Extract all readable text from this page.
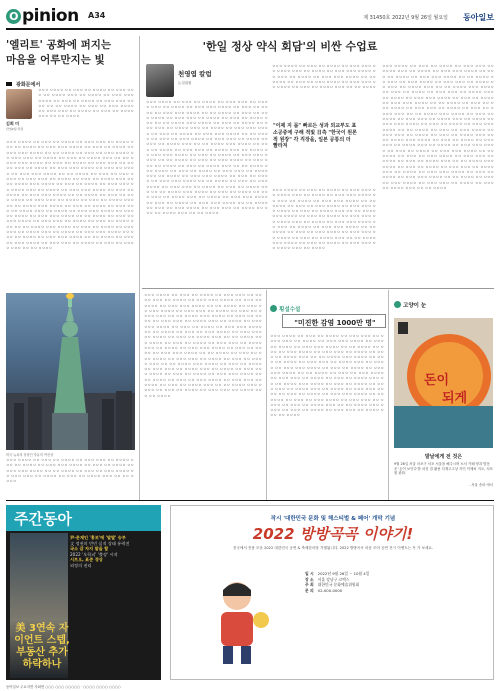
O pinion A34	제 31450호 2022년 9월 26일 월요일 동아일보
'엘리트' 공화에 퍼지는 마음을 어루만지는 빛
광화문에서
김희 미
산업2팀 차장
ㅇㅇㅇ ㅇㅇㅇㅇ ㅇㅇ ㅇㅇㅇ ㅇㅇ ㅇㅇㅇㅇ ㅇㅇ ㅇㅇㅇ ㅇㅇㅇ ㅇㅇ ㅇㅇㅇㅇ ㅇㅇㅇ ㅇㅇ ㅇㅇㅇㅇ ㅇㅇ ㅇㅇㅇ ㅇㅇㅇ ㅇㅇㅇㅇ ㅇㅇ ㅇㅇㅇ ㅇㅇ ㅇㅇㅇㅇ ㅇㅇ ㅇㅇㅇ ㅇㅇㅇ ㅇㅇㅇㅇ ㅇㅇ ㅇㅇ ㅇㅇㅇㅇ ㅇㅇ ㅇㅇㅇ ㅇㅇ ㅇㅇㅇ ㅇㅇㅇㅇ ㅇㅇ ㅇㅇㅇ ㅇㅇㅇ ㅇㅇ ㅇㅇㅇㅇ ㅇㅇ ㅇㅇㅇ ㅇㅇ ㅇㅇㅇㅇ ㅇㅇㅇ ㅇㅇ ㅇㅇ ㅇㅇㅇㅇ
ㅇㅇㅇ ㅇㅇㅇㅇ ㅇㅇ ㅇㅇㅇ ㅇㅇ ㅇㅇㅇㅇ ㅇㅇ ㅇㅇㅇ ㅇㅇㅇ ㅇㅇ ㅇㅇㅇㅇ ㅇㅇㅇ ㅇㅇ ㅇㅇㅇㅇ ㅇㅇ ㅇㅇㅇ ㅇㅇㅇ ㅇㅇㅇㅇ ㅇㅇ ㅇㅇㅇ ㅇㅇ ㅇㅇㅇㅇ ㅇㅇ ㅇㅇㅇ ㅇㅇㅇ ㅇㅇㅇㅇ ㅇㅇ ㅇㅇ ㅇㅇㅇㅇ ㅇㅇ ㅇㅇㅇ ㅇㅇ ㅇㅇㅇ ㅇㅇㅇㅇ ㅇㅇ ㅇㅇㅇ ㅇㅇㅇ ㅇㅇ ㅇㅇㅇㅇ ㅇㅇ ㅇㅇㅇ ㅇㅇ ㅇㅇㅇㅇ ㅇㅇㅇ ㅇㅇ ㅇㅇ ㅇㅇㅇㅇ ㅇㅇㅇ ㅇㅇㅇㅇ ㅇㅇ ㅇㅇㅇ ㅇㅇ ㅇㅇㅇㅇ ㅇㅇ ㅇㅇㅇ ㅇㅇㅇ ㅇㅇ ㅇㅇㅇㅇ ㅇㅇㅇ ㅇㅇ ㅇㅇㅇㅇ ㅇㅇ ㅇㅇㅇ ㅇㅇㅇ ㅇㅇㅇㅇ ㅇㅇ ㅇㅇㅇ ㅇㅇ ㅇㅇㅇㅇ ㅇㅇ ㅇㅇㅇ ㅇㅇㅇ ㅇㅇㅇㅇ ㅇㅇ ㅇㅇ ㅇㅇㅇㅇ ㅇㅇ ㅇㅇㅇ ㅇㅇ ㅇㅇㅇ ㅇㅇㅇㅇ ㅇㅇ ㅇㅇㅇ ㅇㅇㅇ ㅇㅇ ㅇㅇㅇㅇ ㅇㅇ ㅇㅇㅇ ㅇㅇ ㅇㅇㅇㅇ ㅇㅇㅇ ㅇㅇ ㅇㅇ ㅇㅇㅇㅇ ㅇㅇㅇ ㅇㅇㅇㅇ ㅇㅇ ㅇㅇㅇ ㅇㅇ ㅇㅇㅇㅇ ㅇㅇ ㅇㅇㅇ ㅇㅇㅇ ㅇㅇ ㅇㅇㅇㅇ ㅇㅇㅇ ㅇㅇ ㅇㅇㅇㅇ ㅇㅇ ㅇㅇㅇ ㅇㅇㅇ ㅇㅇㅇㅇ ㅇㅇ ㅇㅇㅇ ㅇㅇ ㅇㅇㅇㅇ ㅇㅇ ㅇㅇㅇ ㅇㅇㅇ ㅇㅇㅇㅇ ㅇㅇ ㅇㅇ ㅇㅇㅇㅇ ㅇㅇ ㅇㅇㅇ ㅇㅇ ㅇㅇㅇ ㅇㅇㅇㅇ ㅇㅇ ㅇㅇㅇ ㅇㅇㅇ ㅇㅇ ㅇㅇㅇㅇ ㅇㅇ ㅇㅇㅇ ㅇㅇ ㅇㅇㅇㅇ ㅇㅇㅇ ㅇㅇ ㅇㅇ ㅇㅇㅇㅇ ㅇㅇㅇ ㅇㅇㅇㅇ ㅇㅇ ㅇㅇㅇ ㅇㅇ ㅇㅇㅇㅇ ㅇㅇ ㅇㅇㅇ ㅇㅇㅇ ㅇㅇ ㅇㅇㅇㅇ ㅇㅇㅇ ㅇㅇ ㅇㅇㅇㅇ ㅇㅇ ㅇㅇㅇ ㅇㅇㅇ ㅇㅇㅇㅇ ㅇㅇ ㅇㅇㅇ ㅇㅇ ㅇㅇㅇㅇ ㅇㅇ ㅇㅇㅇ ㅇㅇㅇ ㅇㅇㅇㅇ ㅇㅇ ㅇㅇ ㅇㅇㅇㅇ ㅇㅇ ㅇㅇㅇ ㅇㅇ ㅇㅇㅇ ㅇㅇㅇㅇ ㅇㅇ ㅇㅇㅇ ㅇㅇㅇ ㅇㅇ ㅇㅇㅇㅇ ㅇㅇ ㅇㅇㅇ ㅇㅇ ㅇㅇㅇㅇ ㅇㅇㅇ ㅇㅇ ㅇㅇ ㅇㅇㅇㅇ ㅇㅇㅇ ㅇㅇㅇㅇ ㅇㅇ ㅇㅇㅇ ㅇㅇ ㅇㅇㅇㅇ ㅇㅇ ㅇㅇㅇ ㅇㅇㅇ ㅇㅇ ㅇㅇㅇㅇ ㅇㅇㅇ ㅇㅇ ㅇㅇㅇㅇ ㅇㅇ ㅇㅇㅇ ㅇㅇㅇ ㅇㅇㅇㅇ ㅇㅇ ㅇㅇㅇ ㅇㅇ ㅇㅇㅇㅇ ㅇㅇ ㅇㅇㅇ ㅇㅇㅇ ㅇㅇㅇㅇ ㅇㅇ ㅇㅇ ㅇㅇㅇㅇ ㅇㅇ ㅇㅇㅇ ㅇㅇ ㅇㅇㅇ ㅇㅇㅇㅇ ㅇㅇ ㅇㅇㅇ ㅇㅇㅇ ㅇㅇ ㅇㅇㅇㅇ ㅇㅇ ㅇㅇㅇ ㅇㅇ ㅇㅇㅇㅇ ㅇㅇㅇ ㅇㅇ ㅇㅇ ㅇㅇㅇㅇ
미국 뉴욕의 상징인 자유의 여신상
ㅇㅇㅇ ㅇㅇㅇㅇ ㅇㅇ ㅇㅇㅇ ㅇㅇ ㅇㅇㅇㅇ ㅇㅇ ㅇㅇㅇ ㅇㅇㅇ ㅇㅇ ㅇㅇㅇㅇ ㅇㅇㅇ ㅇㅇ ㅇㅇㅇㅇ ㅇㅇ ㅇㅇㅇ ㅇㅇㅇ ㅇㅇㅇㅇ ㅇㅇ ㅇㅇㅇ ㅇㅇ ㅇㅇㅇㅇ ㅇㅇ ㅇㅇㅇ ㅇㅇㅇ ㅇㅇㅇㅇ ㅇㅇ ㅇㅇ ㅇㅇㅇㅇ ㅇㅇ ㅇㅇㅇ ㅇㅇ ㅇㅇㅇ ㅇㅇㅇㅇ ㅇㅇ ㅇㅇㅇ ㅇㅇㅇ ㅇㅇ ㅇㅇㅇㅇ ㅇㅇ ㅇㅇㅇ ㅇㅇ ㅇㅇㅇㅇ ㅇㅇㅇ ㅇㅇ ㅇㅇ ㅇㅇㅇㅇ
'한일 정상 약식 회담'의 비싼 수업료
천영엽 칼럼
논설위원
ㅇㅇㅇ ㅇㅇㅇㅇ ㅇㅇ ㅇㅇㅇ ㅇㅇ ㅇㅇㅇㅇ ㅇㅇ ㅇㅇㅇ ㅇㅇㅇ ㅇㅇ ㅇㅇㅇㅇ ㅇㅇㅇ ㅇㅇ ㅇㅇㅇㅇ ㅇㅇ ㅇㅇㅇ ㅇㅇㅇ ㅇㅇㅇㅇ ㅇㅇ ㅇㅇㅇ ㅇㅇ ㅇㅇㅇㅇ ㅇㅇ ㅇㅇㅇ ㅇㅇㅇ ㅇㅇㅇㅇ ㅇㅇ ㅇㅇ ㅇㅇㅇㅇ ㅇㅇ ㅇㅇㅇ ㅇㅇ ㅇㅇㅇ ㅇㅇㅇㅇ ㅇㅇ ㅇㅇㅇ ㅇㅇㅇ ㅇㅇ ㅇㅇㅇㅇ ㅇㅇ ㅇㅇㅇ ㅇㅇ ㅇㅇㅇㅇ ㅇㅇㅇ ㅇㅇ ㅇㅇ ㅇㅇㅇㅇ ㅇㅇㅇ ㅇㅇㅇㅇ ㅇㅇ ㅇㅇㅇ ㅇㅇ ㅇㅇㅇㅇ ㅇㅇ ㅇㅇㅇ ㅇㅇㅇ ㅇㅇ ㅇㅇㅇㅇ ㅇㅇㅇ ㅇㅇ ㅇㅇㅇㅇ ㅇㅇ ㅇㅇㅇ ㅇㅇㅇ ㅇㅇㅇㅇ ㅇㅇ ㅇㅇㅇ ㅇㅇ ㅇㅇㅇㅇ ㅇㅇ ㅇㅇㅇ ㅇㅇㅇ ㅇㅇㅇㅇ ㅇㅇ ㅇㅇ ㅇㅇㅇㅇ ㅇㅇ ㅇㅇㅇ ㅇㅇ ㅇㅇㅇ ㅇㅇㅇㅇ ㅇㅇ ㅇㅇㅇ ㅇㅇㅇ ㅇㅇ ㅇㅇㅇㅇ ㅇㅇ ㅇㅇㅇ ㅇㅇ ㅇㅇㅇㅇ ㅇㅇㅇ ㅇㅇ ㅇㅇ ㅇㅇㅇㅇ ㅇㅇㅇ ㅇㅇㅇㅇ ㅇㅇ ㅇㅇㅇ ㅇㅇ ㅇㅇㅇㅇ ㅇㅇ ㅇㅇㅇ ㅇㅇㅇ ㅇㅇ ㅇㅇㅇㅇ ㅇㅇㅇ ㅇㅇ ㅇㅇㅇㅇ ㅇㅇ ㅇㅇㅇ ㅇㅇㅇ ㅇㅇㅇㅇ ㅇㅇ ㅇㅇㅇ ㅇㅇ ㅇㅇㅇㅇ ㅇㅇ ㅇㅇㅇ ㅇㅇㅇ ㅇㅇㅇㅇ ㅇㅇ ㅇㅇ ㅇㅇㅇㅇ ㅇㅇ ㅇㅇㅇ ㅇㅇ ㅇㅇㅇ ㅇㅇㅇㅇ ㅇㅇ ㅇㅇㅇ ㅇㅇㅇ ㅇㅇ ㅇㅇㅇㅇ ㅇㅇ ㅇㅇㅇ ㅇㅇ ㅇㅇㅇㅇ ㅇㅇㅇ ㅇㅇ ㅇㅇ ㅇㅇㅇㅇ ㅇㅇㅇ ㅇㅇㅇㅇ ㅇㅇ ㅇㅇㅇ ㅇㅇ ㅇㅇㅇㅇ ㅇㅇ ㅇㅇㅇ ㅇㅇㅇ ㅇㅇ ㅇㅇㅇㅇ ㅇㅇㅇ ㅇㅇ ㅇㅇㅇㅇ ㅇㅇ ㅇㅇㅇ ㅇㅇㅇ ㅇㅇㅇㅇ ㅇㅇ ㅇㅇㅇ ㅇㅇ ㅇㅇㅇㅇ ㅇㅇ ㅇㅇㅇ ㅇㅇㅇ ㅇㅇㅇㅇ ㅇㅇ ㅇㅇ ㅇㅇㅇㅇ ㅇㅇ ㅇㅇㅇ ㅇㅇ ㅇㅇㅇ ㅇㅇㅇㅇ ㅇㅇ ㅇㅇㅇ ㅇㅇㅇ ㅇㅇ ㅇㅇㅇㅇ ㅇㅇ ㅇㅇㅇ ㅇㅇ ㅇㅇㅇㅇ ㅇㅇㅇ ㅇㅇ ㅇㅇ ㅇㅇㅇㅇ ㅇㅇㅇ ㅇㅇㅇㅇ ㅇㅇ ㅇㅇㅇ ㅇㅇ ㅇㅇㅇㅇ ㅇㅇ ㅇㅇㅇ ㅇㅇㅇ ㅇㅇ ㅇㅇㅇㅇ ㅇㅇㅇ ㅇㅇ ㅇㅇㅇㅇ ㅇㅇ ㅇㅇㅇ ㅇㅇㅇ ㅇㅇㅇㅇ ㅇㅇ ㅇㅇㅇ ㅇㅇ ㅇㅇㅇㅇ ㅇㅇ ㅇㅇㅇ ㅇㅇㅇ ㅇㅇㅇㅇ ㅇㅇ ㅇㅇ ㅇㅇㅇㅇ ㅇㅇ ㅇㅇㅇ ㅇㅇ ㅇㅇㅇ ㅇㅇㅇㅇ ㅇㅇ ㅇㅇㅇ ㅇㅇㅇ ㅇㅇ ㅇㅇㅇㅇ ㅇㅇ ㅇㅇㅇ ㅇㅇ ㅇㅇㅇㅇ ㅇㅇㅇ ㅇㅇ ㅇㅇ ㅇㅇㅇㅇ
ㅇㅇㅇ ㅇㅇㅇㅇ ㅇㅇ ㅇㅇㅇ ㅇㅇ ㅇㅇㅇㅇ ㅇㅇ ㅇㅇㅇ ㅇㅇㅇ ㅇㅇ ㅇㅇㅇㅇ ㅇㅇㅇ ㅇㅇ ㅇㅇㅇㅇ ㅇㅇ ㅇㅇㅇ ㅇㅇㅇ ㅇㅇㅇㅇ ㅇㅇ ㅇㅇㅇ ㅇㅇ ㅇㅇㅇㅇ ㅇㅇ ㅇㅇㅇ ㅇㅇㅇ ㅇㅇㅇㅇ ㅇㅇ ㅇㅇ ㅇㅇㅇㅇ ㅇㅇ ㅇㅇㅇ ㅇㅇ ㅇㅇㅇ ㅇㅇㅇㅇ ㅇㅇ ㅇㅇㅇ ㅇㅇㅇ ㅇㅇ ㅇㅇㅇㅇ ㅇㅇ ㅇㅇㅇ ㅇㅇ ㅇㅇㅇㅇ ㅇㅇㅇ ㅇㅇ ㅇㅇ ㅇㅇㅇㅇ
"이제 지 몸" 빠르든 성과 외교부도 표 소공중에 구해 적빛 日측 "한국이 원론적 원장" 각 직장을, 일본 공통의 더 빨라져
ㅇㅇㅇ ㅇㅇㅇㅇ ㅇㅇ ㅇㅇㅇ ㅇㅇ ㅇㅇㅇㅇ ㅇㅇ ㅇㅇㅇ ㅇㅇㅇ ㅇㅇ ㅇㅇㅇㅇ ㅇㅇㅇ ㅇㅇ ㅇㅇㅇㅇ ㅇㅇ ㅇㅇㅇ ㅇㅇㅇ ㅇㅇㅇㅇ ㅇㅇ ㅇㅇㅇ ㅇㅇ ㅇㅇㅇㅇ ㅇㅇ ㅇㅇㅇ ㅇㅇㅇ ㅇㅇㅇㅇ ㅇㅇ ㅇㅇ ㅇㅇㅇㅇ ㅇㅇ ㅇㅇㅇ ㅇㅇ ㅇㅇㅇ ㅇㅇㅇㅇ ㅇㅇ ㅇㅇㅇ ㅇㅇㅇ ㅇㅇ ㅇㅇㅇㅇ ㅇㅇ ㅇㅇㅇ ㅇㅇ ㅇㅇㅇㅇ ㅇㅇㅇ ㅇㅇ ㅇㅇ ㅇㅇㅇㅇ ㅇㅇㅇ ㅇㅇㅇㅇ ㅇㅇ ㅇㅇㅇ ㅇㅇ ㅇㅇㅇㅇ ㅇㅇ ㅇㅇㅇ ㅇㅇㅇ ㅇㅇ ㅇㅇㅇㅇ ㅇㅇㅇ ㅇㅇ ㅇㅇㅇㅇ ㅇㅇ ㅇㅇㅇ ㅇㅇㅇ ㅇㅇㅇㅇ ㅇㅇ ㅇㅇㅇ ㅇㅇ ㅇㅇㅇㅇ ㅇㅇ ㅇㅇㅇ ㅇㅇㅇ ㅇㅇㅇㅇ ㅇㅇ ㅇㅇ ㅇㅇㅇㅇ ㅇㅇ ㅇㅇㅇ ㅇㅇ ㅇㅇㅇ ㅇㅇㅇㅇ ㅇㅇ ㅇㅇㅇ ㅇㅇㅇ ㅇㅇ ㅇㅇㅇㅇ ㅇㅇ ㅇㅇㅇ ㅇㅇ ㅇㅇㅇㅇ ㅇㅇㅇ ㅇㅇ ㅇㅇ ㅇㅇㅇㅇ ㅇㅇㅇ ㅇㅇㅇㅇ ㅇㅇ ㅇㅇㅇ ㅇㅇ ㅇㅇㅇㅇ ㅇㅇ ㅇㅇㅇ ㅇㅇㅇ ㅇㅇ ㅇㅇㅇㅇ ㅇㅇㅇ ㅇㅇ ㅇㅇㅇㅇ
ㅇㅇㅇ ㅇㅇㅇㅇ ㅇㅇ ㅇㅇㅇ ㅇㅇ ㅇㅇㅇㅇ ㅇㅇ ㅇㅇㅇ ㅇㅇㅇ ㅇㅇ ㅇㅇㅇㅇ ㅇㅇㅇ ㅇㅇ ㅇㅇㅇㅇ ㅇㅇ ㅇㅇㅇ ㅇㅇㅇ ㅇㅇㅇㅇ ㅇㅇ ㅇㅇㅇ ㅇㅇ ㅇㅇㅇㅇ ㅇㅇ ㅇㅇㅇ ㅇㅇㅇ ㅇㅇㅇㅇ ㅇㅇ ㅇㅇ ㅇㅇㅇㅇ ㅇㅇ ㅇㅇㅇ ㅇㅇ ㅇㅇㅇ ㅇㅇㅇㅇ ㅇㅇ ㅇㅇㅇ ㅇㅇㅇ ㅇㅇ ㅇㅇㅇㅇ ㅇㅇ ㅇㅇㅇ ㅇㅇ ㅇㅇㅇㅇ ㅇㅇㅇ ㅇㅇ ㅇㅇ ㅇㅇㅇㅇ ㅇㅇㅇ ㅇㅇㅇㅇ ㅇㅇ ㅇㅇㅇ ㅇㅇ ㅇㅇㅇㅇ ㅇㅇ ㅇㅇㅇ ㅇㅇㅇ ㅇㅇ ㅇㅇㅇㅇ ㅇㅇㅇ ㅇㅇ ㅇㅇㅇㅇ ㅇㅇ ㅇㅇㅇ ㅇㅇㅇ ㅇㅇㅇㅇ ㅇㅇ ㅇㅇㅇ ㅇㅇ ㅇㅇㅇㅇ ㅇㅇ ㅇㅇㅇ ㅇㅇㅇ ㅇㅇㅇㅇ ㅇㅇ ㅇㅇ ㅇㅇㅇㅇ ㅇㅇ ㅇㅇㅇ ㅇㅇ ㅇㅇㅇ ㅇㅇㅇㅇ ㅇㅇ ㅇㅇㅇ ㅇㅇㅇ ㅇㅇ ㅇㅇㅇㅇ ㅇㅇ ㅇㅇㅇ ㅇㅇ ㅇㅇㅇㅇ ㅇㅇㅇ ㅇㅇ ㅇㅇ ㅇㅇㅇㅇ ㅇㅇㅇ ㅇㅇㅇㅇ ㅇㅇ ㅇㅇㅇ ㅇㅇ ㅇㅇㅇㅇ ㅇㅇ ㅇㅇㅇ ㅇㅇㅇ ㅇㅇ ㅇㅇㅇㅇ ㅇㅇㅇ ㅇㅇ ㅇㅇㅇㅇ ㅇㅇ ㅇㅇㅇ ㅇㅇㅇ ㅇㅇㅇㅇ ㅇㅇ ㅇㅇㅇ ㅇㅇ ㅇㅇㅇㅇ ㅇㅇ ㅇㅇㅇ ㅇㅇㅇ ㅇㅇㅇㅇ ㅇㅇ ㅇㅇ ㅇㅇㅇㅇ ㅇㅇ ㅇㅇㅇ ㅇㅇ ㅇㅇㅇ ㅇㅇㅇㅇ ㅇㅇ ㅇㅇㅇ ㅇㅇㅇ ㅇㅇ ㅇㅇㅇㅇ ㅇㅇ ㅇㅇㅇ ㅇㅇ ㅇㅇㅇㅇ ㅇㅇㅇ ㅇㅇ ㅇㅇ ㅇㅇㅇㅇ ㅇㅇㅇ ㅇㅇㅇㅇ ㅇㅇ ㅇㅇㅇ ㅇㅇ ㅇㅇㅇㅇ ㅇㅇ ㅇㅇㅇ ㅇㅇㅇ ㅇㅇ ㅇㅇㅇㅇ ㅇㅇㅇ ㅇㅇ ㅇㅇㅇㅇ ㅇㅇ ㅇㅇㅇ ㅇㅇㅇ ㅇㅇㅇㅇ ㅇㅇ ㅇㅇㅇ ㅇㅇ ㅇㅇㅇㅇ ㅇㅇ ㅇㅇㅇ ㅇㅇㅇ ㅇㅇㅇㅇ ㅇㅇ ㅇㅇ ㅇㅇㅇㅇ ㅇㅇ ㅇㅇㅇ ㅇㅇ ㅇㅇㅇ ㅇㅇㅇㅇ ㅇㅇ ㅇㅇㅇ ㅇㅇㅇ ㅇㅇ ㅇㅇㅇㅇ ㅇㅇ ㅇㅇㅇ ㅇㅇ ㅇㅇㅇㅇ ㅇㅇㅇ ㅇㅇ ㅇㅇ ㅇㅇㅇㅇ ㅇㅇㅇ ㅇㅇㅇㅇ ㅇㅇ ㅇㅇㅇ ㅇㅇ ㅇㅇㅇㅇ ㅇㅇ ㅇㅇㅇ ㅇㅇㅇ ㅇㅇ ㅇㅇㅇㅇ ㅇㅇㅇ ㅇㅇ ㅇㅇㅇㅇ ㅇㅇ ㅇㅇㅇ ㅇㅇㅇ ㅇㅇㅇㅇ ㅇㅇ ㅇㅇㅇ ㅇㅇ ㅇㅇㅇㅇ ㅇㅇ ㅇㅇㅇ ㅇㅇㅇ ㅇㅇㅇㅇ ㅇㅇ ㅇㅇ ㅇㅇㅇㅇ ㅇㅇ ㅇㅇㅇ ㅇㅇ ㅇㅇㅇ ㅇㅇㅇㅇ ㅇㅇ ㅇㅇㅇ ㅇㅇㅇ ㅇㅇ ㅇㅇㅇㅇ ㅇㅇ ㅇㅇㅇ ㅇㅇ ㅇㅇㅇㅇ ㅇㅇㅇ ㅇㅇ ㅇㅇ ㅇㅇㅇㅇ
ㅇㅇㅇ ㅇㅇㅇㅇ ㅇㅇ ㅇㅇㅇ ㅇㅇ ㅇㅇㅇㅇ ㅇㅇ ㅇㅇㅇ ㅇㅇㅇ ㅇㅇ ㅇㅇㅇㅇ ㅇㅇㅇ ㅇㅇ ㅇㅇㅇㅇ ㅇㅇ ㅇㅇㅇ ㅇㅇㅇ ㅇㅇㅇㅇ ㅇㅇ ㅇㅇㅇ ㅇㅇ ㅇㅇㅇㅇ ㅇㅇ ㅇㅇㅇ ㅇㅇㅇ ㅇㅇㅇㅇ ㅇㅇ ㅇㅇ ㅇㅇㅇㅇ ㅇㅇ ㅇㅇㅇ ㅇㅇ ㅇㅇㅇ ㅇㅇㅇㅇ ㅇㅇ ㅇㅇㅇ ㅇㅇㅇ ㅇㅇ ㅇㅇㅇㅇ ㅇㅇ ㅇㅇㅇ ㅇㅇ ㅇㅇㅇㅇ ㅇㅇㅇ ㅇㅇ ㅇㅇ ㅇㅇㅇㅇ ㅇㅇㅇ ㅇㅇㅇㅇ ㅇㅇ ㅇㅇㅇ ㅇㅇ ㅇㅇㅇㅇ ㅇㅇ ㅇㅇㅇ ㅇㅇㅇ ㅇㅇ ㅇㅇㅇㅇ ㅇㅇㅇ ㅇㅇ ㅇㅇㅇㅇ ㅇㅇ ㅇㅇㅇ ㅇㅇㅇ ㅇㅇㅇㅇ ㅇㅇ ㅇㅇㅇ ㅇㅇ ㅇㅇㅇㅇ ㅇㅇ ㅇㅇㅇ ㅇㅇㅇ ㅇㅇㅇㅇ ㅇㅇ ㅇㅇ ㅇㅇㅇㅇ ㅇㅇ ㅇㅇㅇ ㅇㅇ ㅇㅇㅇ ㅇㅇㅇㅇ ㅇㅇ ㅇㅇㅇ ㅇㅇㅇ ㅇㅇ ㅇㅇㅇㅇ ㅇㅇ ㅇㅇㅇ ㅇㅇ ㅇㅇㅇㅇ ㅇㅇㅇ ㅇㅇ ㅇㅇ ㅇㅇㅇㅇ ㅇㅇㅇ ㅇㅇㅇㅇ ㅇㅇ ㅇㅇㅇ ㅇㅇ ㅇㅇㅇㅇ ㅇㅇ ㅇㅇㅇ ㅇㅇㅇ ㅇㅇ ㅇㅇㅇㅇ ㅇㅇㅇ ㅇㅇ ㅇㅇㅇㅇ ㅇㅇ ㅇㅇㅇ ㅇㅇㅇ ㅇㅇㅇㅇ ㅇㅇ ㅇㅇㅇ ㅇㅇ ㅇㅇㅇㅇ ㅇㅇ ㅇㅇㅇ ㅇㅇㅇ ㅇㅇㅇㅇ ㅇㅇ ㅇㅇ ㅇㅇㅇㅇ ㅇㅇ ㅇㅇㅇ ㅇㅇ ㅇㅇㅇ ㅇㅇㅇㅇ ㅇㅇ ㅇㅇㅇ ㅇㅇㅇ ㅇㅇ ㅇㅇㅇㅇ ㅇㅇ ㅇㅇㅇ ㅇㅇ ㅇㅇㅇㅇ ㅇㅇㅇ ㅇㅇ ㅇㅇ ㅇㅇㅇㅇ ㅇㅇㅇ ㅇㅇㅇㅇ ㅇㅇ ㅇㅇㅇ ㅇㅇ ㅇㅇㅇㅇ ㅇㅇ ㅇㅇㅇ ㅇㅇㅇ ㅇㅇ ㅇㅇㅇㅇ ㅇㅇㅇ ㅇㅇ ㅇㅇㅇㅇ ㅇㅇ ㅇㅇㅇ ㅇㅇㅇ ㅇㅇㅇㅇ ㅇㅇ ㅇㅇㅇ ㅇㅇ ㅇㅇㅇㅇ ㅇㅇ ㅇㅇㅇ ㅇㅇㅇ ㅇㅇㅇㅇ ㅇㅇ ㅇㅇ ㅇㅇㅇㅇ ㅇㅇ ㅇㅇㅇ ㅇㅇ ㅇㅇㅇ ㅇㅇㅇㅇ ㅇㅇ ㅇㅇㅇ ㅇㅇㅇ ㅇㅇ ㅇㅇㅇㅇ ㅇㅇ ㅇㅇㅇ ㅇㅇ ㅇㅇㅇㅇ ㅇㅇㅇ ㅇㅇ ㅇㅇ ㅇㅇㅇㅇ ㅇㅇㅇ ㅇㅇㅇㅇ ㅇㅇ ㅇㅇㅇ ㅇㅇ ㅇㅇㅇㅇ ㅇㅇ ㅇㅇㅇ ㅇㅇㅇ ㅇㅇ ㅇㅇㅇㅇ ㅇㅇㅇ ㅇㅇ ㅇㅇㅇㅇ
횡설수설
"미진한 감염 1000만 명"
ㅇㅇㅇ ㅇㅇㅇㅇ ㅇㅇ ㅇㅇㅇ ㅇㅇ ㅇㅇㅇㅇ ㅇㅇ ㅇㅇㅇ ㅇㅇㅇ ㅇㅇ ㅇㅇㅇㅇ ㅇㅇㅇ ㅇㅇ ㅇㅇㅇㅇ ㅇㅇ ㅇㅇㅇ ㅇㅇㅇ ㅇㅇㅇㅇ ㅇㅇ ㅇㅇㅇ ㅇㅇ ㅇㅇㅇㅇ ㅇㅇ ㅇㅇㅇ ㅇㅇㅇ ㅇㅇㅇㅇ ㅇㅇ ㅇㅇ ㅇㅇㅇㅇ ㅇㅇ ㅇㅇㅇ ㅇㅇ ㅇㅇㅇ ㅇㅇㅇㅇ ㅇㅇ ㅇㅇㅇ ㅇㅇㅇ ㅇㅇ ㅇㅇㅇㅇ ㅇㅇ ㅇㅇㅇ ㅇㅇ ㅇㅇㅇㅇ ㅇㅇㅇ ㅇㅇ ㅇㅇ ㅇㅇㅇㅇ ㅇㅇㅇ ㅇㅇㅇㅇ ㅇㅇ ㅇㅇㅇ ㅇㅇ ㅇㅇㅇㅇ ㅇㅇ ㅇㅇㅇ ㅇㅇㅇ ㅇㅇ ㅇㅇㅇㅇ ㅇㅇㅇ ㅇㅇ ㅇㅇㅇㅇ ㅇㅇ ㅇㅇㅇ ㅇㅇㅇ ㅇㅇㅇㅇ ㅇㅇ ㅇㅇㅇ ㅇㅇ ㅇㅇㅇㅇ ㅇㅇ ㅇㅇㅇ ㅇㅇㅇ ㅇㅇㅇㅇ ㅇㅇ ㅇㅇ ㅇㅇㅇㅇ ㅇㅇ ㅇㅇㅇ ㅇㅇ ㅇㅇㅇ ㅇㅇㅇㅇ ㅇㅇ ㅇㅇㅇ ㅇㅇㅇ ㅇㅇ ㅇㅇㅇㅇ ㅇㅇ ㅇㅇㅇ ㅇㅇ ㅇㅇㅇㅇ ㅇㅇㅇ ㅇㅇ ㅇㅇ ㅇㅇㅇㅇ ㅇㅇㅇ ㅇㅇㅇㅇ ㅇㅇ ㅇㅇㅇ ㅇㅇ ㅇㅇㅇㅇ ㅇㅇ ㅇㅇㅇ ㅇㅇㅇ ㅇㅇ ㅇㅇㅇㅇ ㅇㅇㅇ ㅇㅇ ㅇㅇㅇㅇ ㅇㅇ ㅇㅇㅇ ㅇㅇㅇ ㅇㅇㅇㅇ ㅇㅇ ㅇㅇㅇ ㅇㅇ ㅇㅇㅇㅇ ㅇㅇ ㅇㅇㅇ ㅇㅇㅇ ㅇㅇㅇㅇ ㅇㅇ ㅇㅇ ㅇㅇㅇㅇ ㅇㅇ ㅇㅇㅇ ㅇㅇ ㅇㅇㅇ ㅇㅇㅇㅇ ㅇㅇ ㅇㅇㅇ ㅇㅇㅇ ㅇㅇ ㅇㅇㅇㅇ ㅇㅇ ㅇㅇㅇ ㅇㅇ ㅇㅇㅇㅇ ㅇㅇㅇ ㅇㅇ ㅇㅇ ㅇㅇㅇㅇ ㅇㅇㅇ ㅇㅇㅇㅇ ㅇㅇ ㅇㅇㅇ ㅇㅇ ㅇㅇㅇㅇ ㅇㅇ ㅇㅇㅇ ㅇㅇㅇ ㅇㅇ ㅇㅇㅇㅇ ㅇㅇㅇ ㅇㅇ ㅇㅇㅇㅇ
고양이 눈
돈이
되게
말날에게 전 것은
9월 26일 서울 마포구 서포 서울을 해주시며 소서 카페 양과 발음운 '돈이 보인다'를 마친 결 활용 다재고고상 자인 이제씨 지오, 서포원 판화.
- 서울 송파 에서
주간동아
美 3연속 자이언트 스텝, 부동산 추가 하락하나
尹-문재인 '홍보'에 '말발' 승부
文 정권의 빈민 실적 상태 유력전

국소 갈 자지 말을 할
2022 '오학피' '출장' 시작

시프오, 표준 경상
외정의 권리
작시 '대한민국 문화 및 해스티벌 & 페어' 개막 기념
2022 방방곡곡 이야기!
전국에서 전용 모음 2022 대한민국 공연 & 축제한마당 거행됩니다. 2022 방방곡곡 마음 모아 공연 전시 이벤트는 꼭 가 보세요.
일 시 2022년 9월 26일 ~ 10월 4일
장 소 서울 강남구 코엑스
주 최 대한민국 문화예술위원회
문 의 02-000-0000
동아일보 주요지면 사회면 ○○○ ○○○ ○○○○○ · ○○○○ ○○○○ ○○○○
